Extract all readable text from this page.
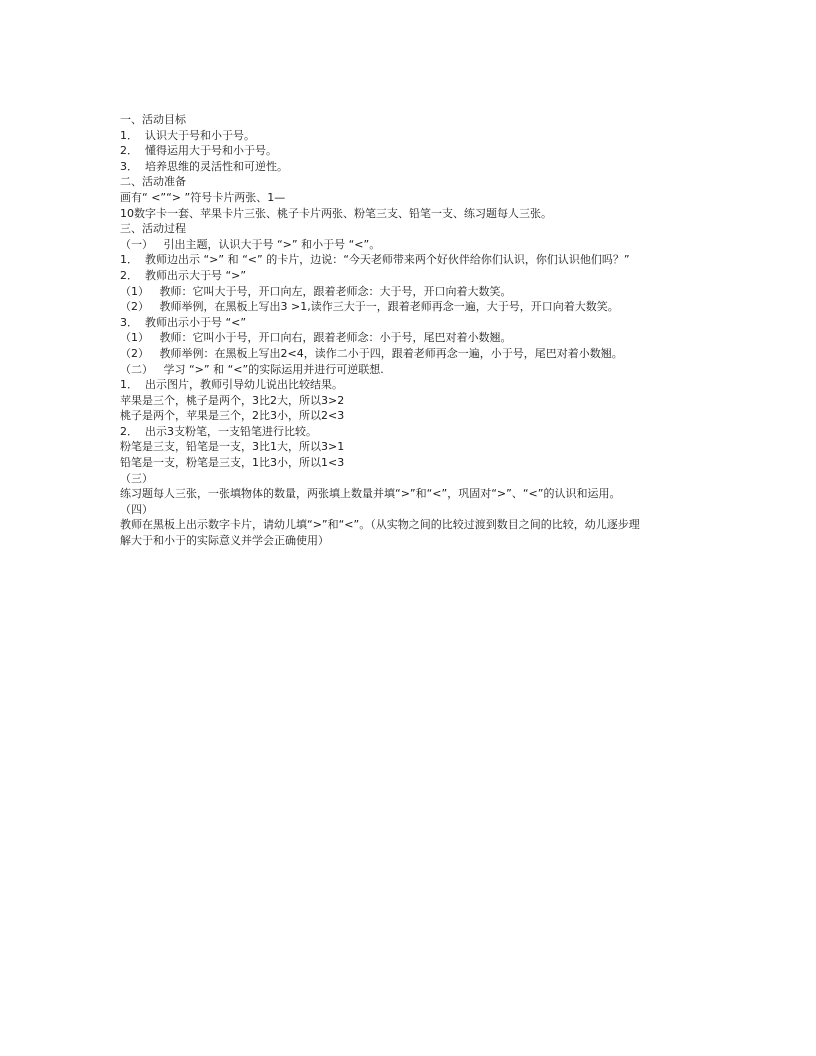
一、活动目标

1．  认识大于号和小于号。

2．  懂得运用大于号和小于号。

3．  培养思维的灵活性和可逆性。

二、活动准备

画有“ <”“> ”符号卡片两张、1—

10数字卡一套、苹果卡片三张、桃子卡片两张、粉笔三支、铅笔一支、练习题每人三张。

三、活动过程

（一）   引出主题，认识大于号 “>” 和小于号 “<”。

1．  教师边出示 “>” 和 “<” 的卡片，边说：“今天老师带来两个好伙伴给你们认识，你们认识他们吗？”

2．  教师出示大于号 “>”

（1）   教师：它叫大于号，开口向左，跟着老师念：大于号，开口向着大数笑。

（2）   教师举例，在黑板上写出3 >1,读作三大于一，跟着老师再念一遍，大于号，开口向着大数笑。

3．  教师出示小于号 “<”

（1）   教师：它叫小于号，开口向右，跟着老师念：小于号，尾巴对着小数翘。

（2）   教师举例：在黑板上写出2<4，读作二小于四，跟着老师再念一遍，小于号，尾巴对着小数翘。

（二）   学习 “>” 和 “<”的实际运用并进行可逆联想.

1．  出示图片，教师引导幼儿说出比较结果。

苹果是三个，桃子是两个，3比2大，所以3>2

桃子是两个，苹果是三个，2比3小，所以2<3

2．  出示3支粉笔，一支铅笔进行比较。

粉笔是三支，铅笔是一支，3比1大，所以3>1

铅笔是一支，粉笔是三支，1比3小，所以1<3

（三）

练习题每人三张，一张填物体的数量，两张填上数量并填“>”和“<”，巩固对“>”、“<”的认识和运用。

（四）

教师在黑板上出示数字卡片，请幼儿填“>”和“<”。（从实物之间的比较过渡到数目之间的比较，幼儿逐步理

解大于和小于的实际意义并学会正确使用）
